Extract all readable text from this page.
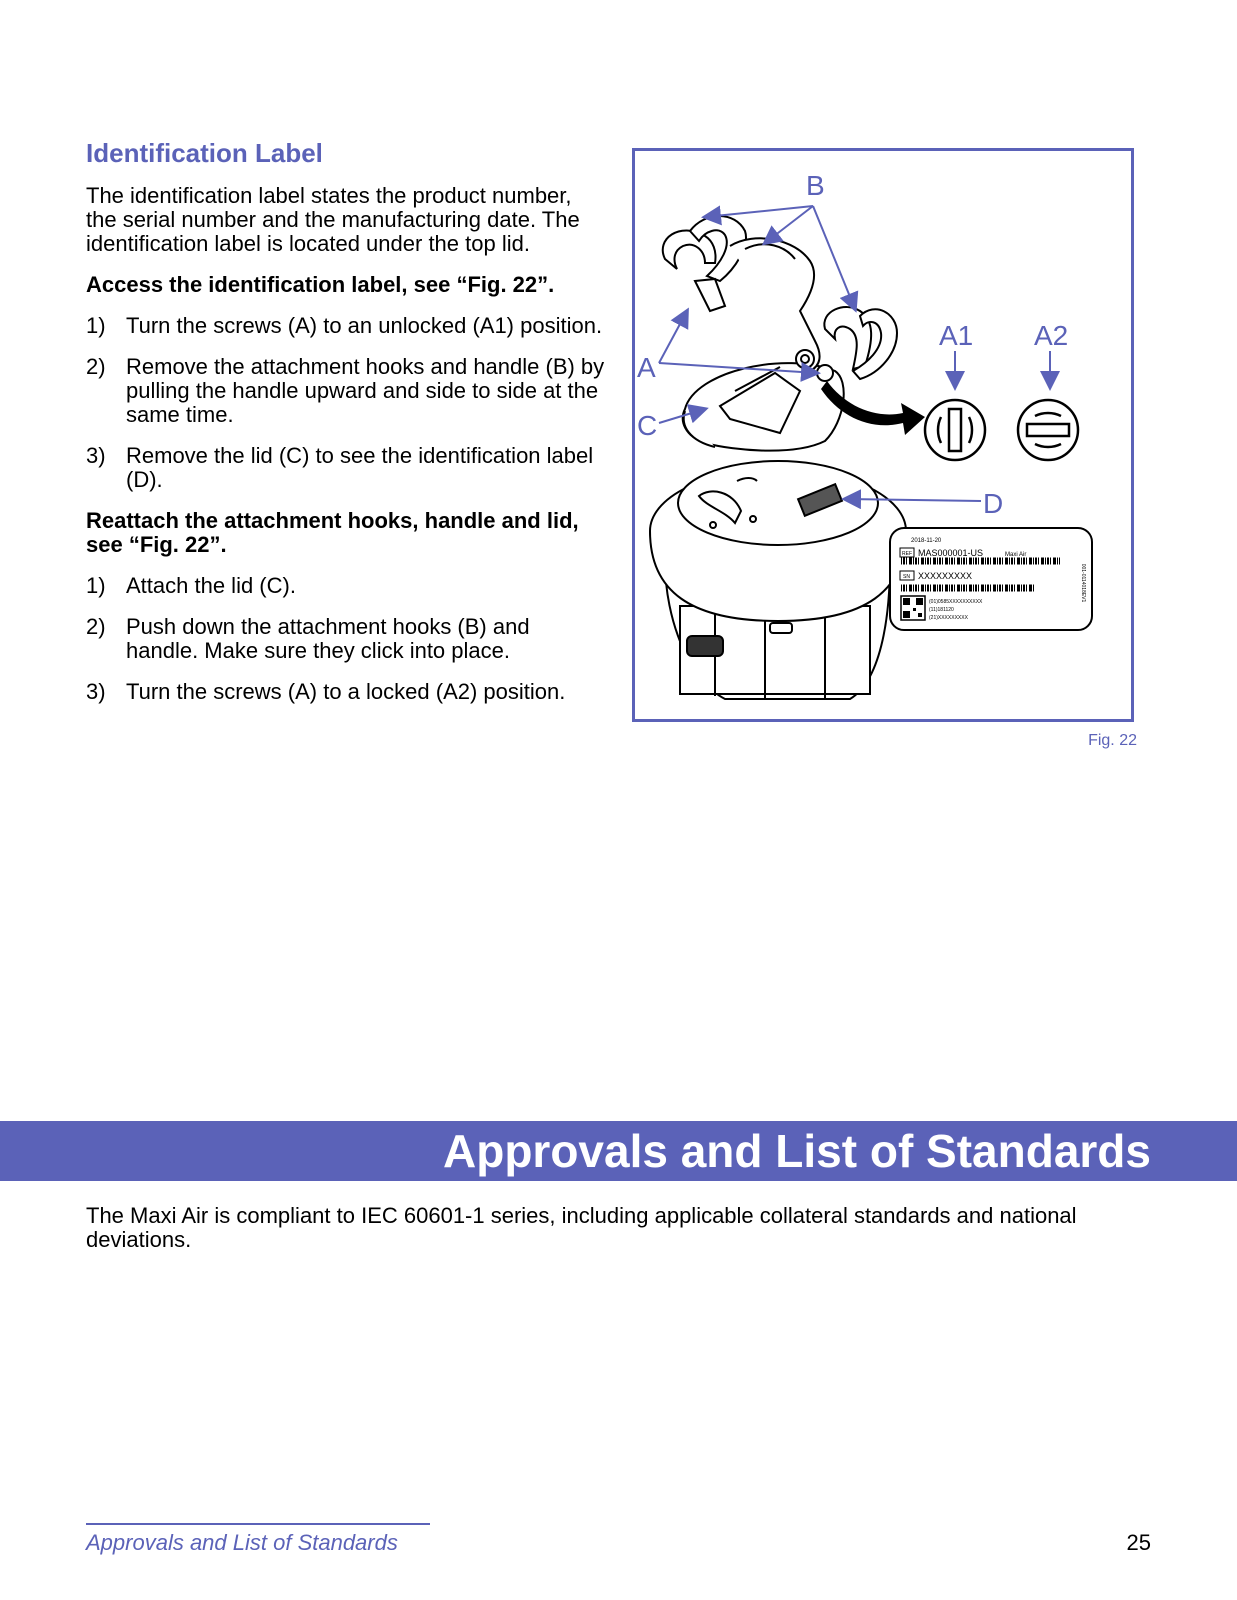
Identification Label

The identification label states the product number, the serial number and the manufacturing date. The identification label is located under the top lid.

Access the identification label, see “Fig. 22”.

1) Turn the screws (A) to an unlocked (A1) position.
2) Remove the attachment hooks and handle (B) by pulling the handle upward and side to side at the same time.
3) Remove the lid (C) to see the identification label (D).

Reattach the attachment hooks, handle and lid, see “Fig. 22”.

1) Attach the lid (C).
2) Push down the attachment hooks (B) and handle. Make sure they click into place.
3) Turn the screws (A) to a locked (A2) position.
2018-11-20
REF MAS000001-US	Maxi Air
SN XXXXXXXXX
(01)0585XXXXXXXXXX
(11)181120
(21)XXXXXXXXX
001-0114018EV1
B
A
C
D
A1 A2
Fig. 22
Approvals and List of Standards

The Maxi Air is compliant to IEC 60601-1 series, including applicable collateral standards and national deviations.

Approvals and List of Standards	25
